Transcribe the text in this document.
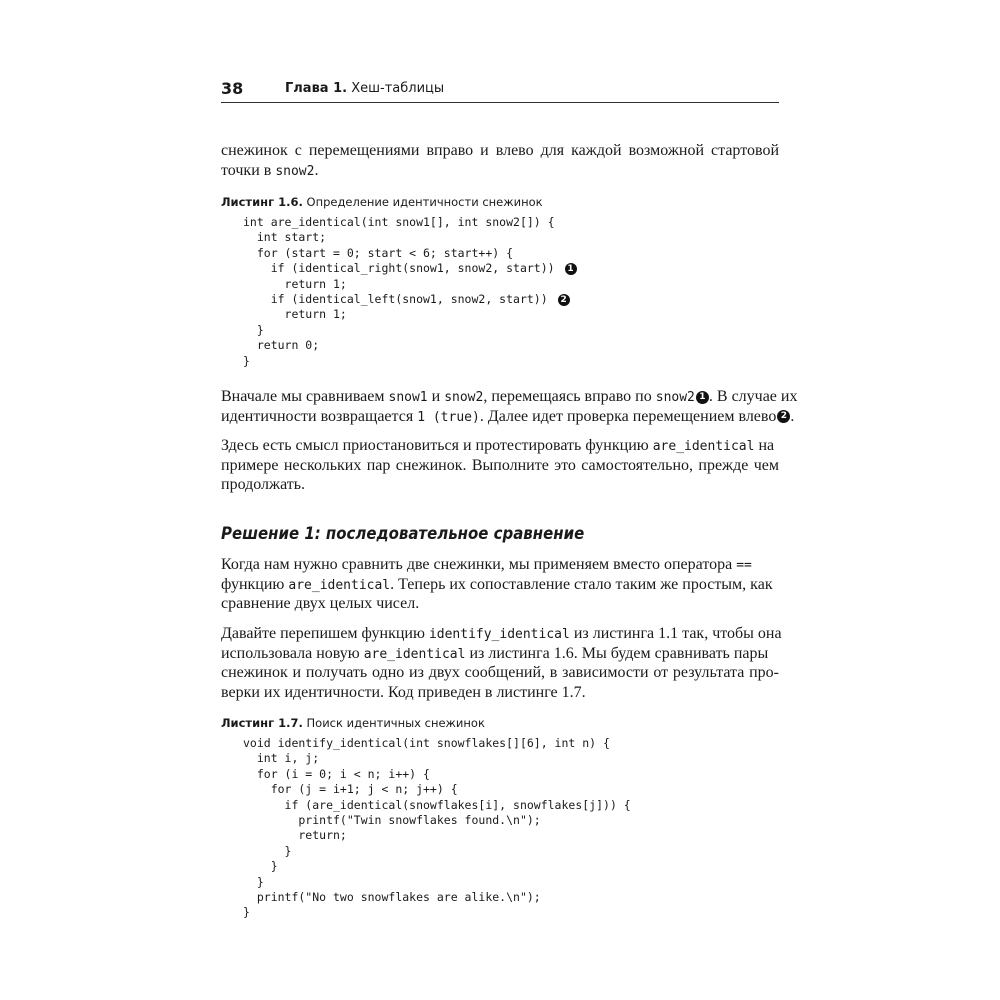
38	Глава 1. Хеш-таблицы
снежинок с перемещениями вправо и влево для каждой возможной стартовой
точки в snow2.
Листинг 1.6. Определение идентичности снежинок
int are_identical(int snow1[], int snow2[]) {
int start;
for (start = 0; start < 6; start++) {
if (identical_right(snow1, snow2, start)) 1
return 1;
if (identical_left(snow1, snow2, start)) 2
return 1;
}
return 0;
}
Вначале мы сравниваем snow1 и snow2, перемещаясь вправо по snow2 1 . В случае их
идентичности возвращается 1 (true). Далее идет проверка перемещением влево 2 .
Здесь есть смысл приостановиться и протестировать функцию are_identical на
примере нескольких пар снежинок. Выполните это самостоятельно, прежде чем
продолжать.
Решение 1: последовательное сравнение
Когда нам нужно сравнить две снежинки, мы применяем вместо оператора ==
функцию are_identical. Теперь их сопоставление стало таким же простым, как
сравнение двух целых чисел.
Давайте перепишем функцию identify_identical из листинга 1.1 так, чтобы она
использовала новую are_identical из листинга 1.6. Мы будем сравнивать пары
снежинок и получать одно из двух сообщений, в зависимости от результата про-
верки их идентичности. Код приведен в листинге 1.7.
Листинг 1.7. Поиск идентичных снежинок
void identify_identical(int snowflakes[][6], int n) {
int i, j;
for (i = 0; i < n; i++) {
for (j = i+1; j < n; j++) {
if (are_identical(snowflakes[i], snowflakes[j])) {
printf("Twin snowflakes found.\n");
return;
}
}
}
printf("No two snowflakes are alike.\n");
}
